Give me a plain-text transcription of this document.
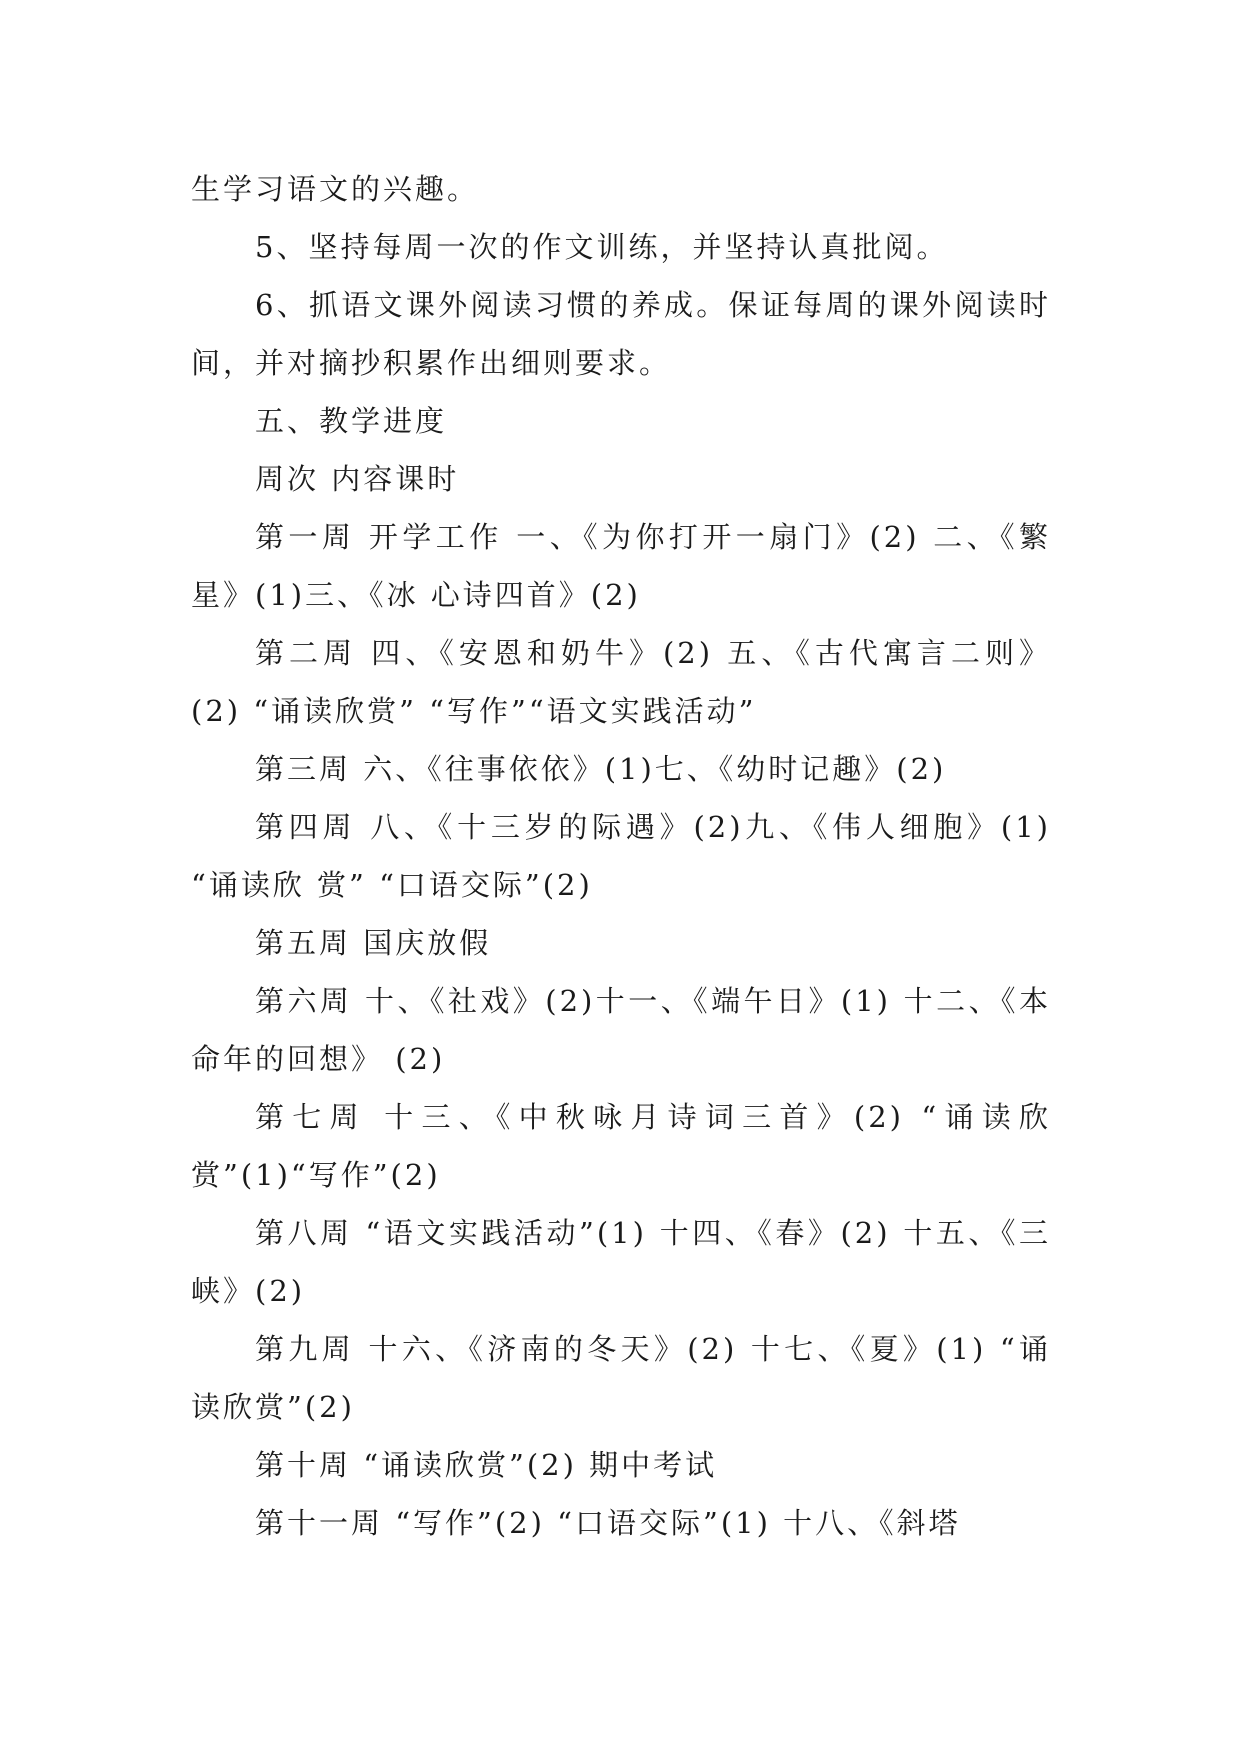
生学习语文的兴趣。

5、坚持每周一次的作文训练，并坚持认真批阅。

6、抓语文课外阅读习惯的养成。保证每周的课外阅读时间，并对摘抄积累作出细则要求。

五、教学进度

周次 内容课时

第一周 开学工作 一、《为你打开一扇门》(2) 二、《繁星》(1)三、《冰 心诗四首》(2)

第二周 四、《安恩和奶牛》(2) 五、《古代寓言二则》(2) “诵读欣赏” “写作”“语文实践活动”

第三周 六、《往事依依》(1)七、《幼时记趣》(2)

第四周 八、《十三岁的际遇》(2)九、《伟人细胞》(1) “诵读欣 赏” “口语交际”(2)

第五周 国庆放假

第六周 十、《社戏》(2)十一、《端午日》(1) 十二、《本命年的回想》 (2)

第七周 十三、《中秋咏月诗词三首》(2) “诵读欣赏”(1)“写作”(2)

第八周 “语文实践活动”(1) 十四、《春》(2) 十五、《三峡》(2)

第九周 十六、《济南的冬天》(2) 十七、《夏》(1) “诵读欣赏”(2)

第十周 “诵读欣赏”(2) 期中考试

第十一周 “写作”(2) “口语交际”(1) 十八、《斜塔
